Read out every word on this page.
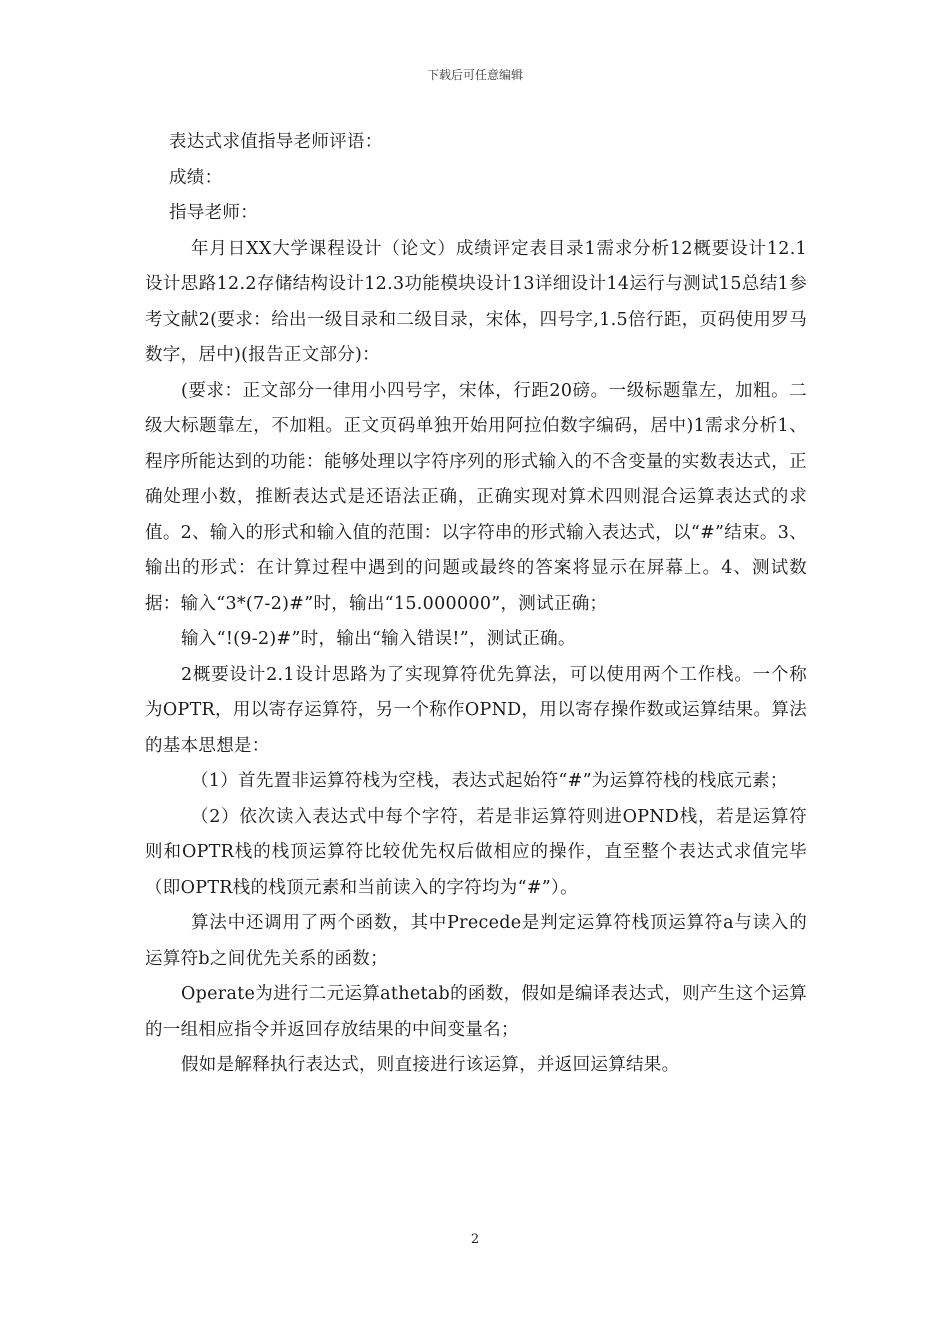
下载后可任意编辑

表达式求值指导老师评语：

成绩：

指导老师：

年月日XX大学课程设计（论文）成绩评定表目录1需求分析12概要设计12.1设计思路12.2存储结构设计12.3功能模块设计13详细设计14运行与测试15总结1参考文献2(要求：给出一级目录和二级目录，宋体，四号字,1.5倍行距，页码使用罗马数字，居中)(报告正文部分)：

(要求：正文部分一律用小四号字，宋体，行距20磅。一级标题靠左，加粗。二级大标题靠左，不加粗。正文页码单独开始用阿拉伯数字编码，居中)1需求分析1、程序所能达到的功能：能够处理以字符序列的形式输入的不含变量的实数表达式，正确处理小数，推断表达式是还语法正确，正确实现对算术四则混合运算表达式的求值。2、输入的形式和输入值的范围：以字符串的形式输入表达式，以“#”结束。3、输出的形式：在计算过程中遇到的问题或最终的答案将显示在屏幕上。4、测试数据：输入“3*(7-2)#”时，输出“15.000000”，测试正确；

输入“!(9-2)#”时，输出“输入错误!”，测试正确。

2概要设计2.1设计思路为了实现算符优先算法，可以使用两个工作栈。一个称为OPTR，用以寄存运算符，另一个称作OPND，用以寄存操作数或运算结果。算法的基本思想是：

（1）首先置非运算符栈为空栈，表达式起始符“#”为运算符栈的栈底元素；

（2）依次读入表达式中每个字符，若是非运算符则进OPND栈，若是运算符则和OPTR栈的栈顶运算符比较优先权后做相应的操作，直至整个表达式求值完毕（即OPTR栈的栈顶元素和当前读入的字符均为“#”）。

算法中还调用了两个函数，其中Precede是判定运算符栈顶运算符a与读入的运算符b之间优先关系的函数；

Operate为进行二元运算athetab的函数，假如是编译表达式，则产生这个运算的一组相应指令并返回存放结果的中间变量名；

假如是解释执行表达式，则直接进行该运算，并返回运算结果。

2
